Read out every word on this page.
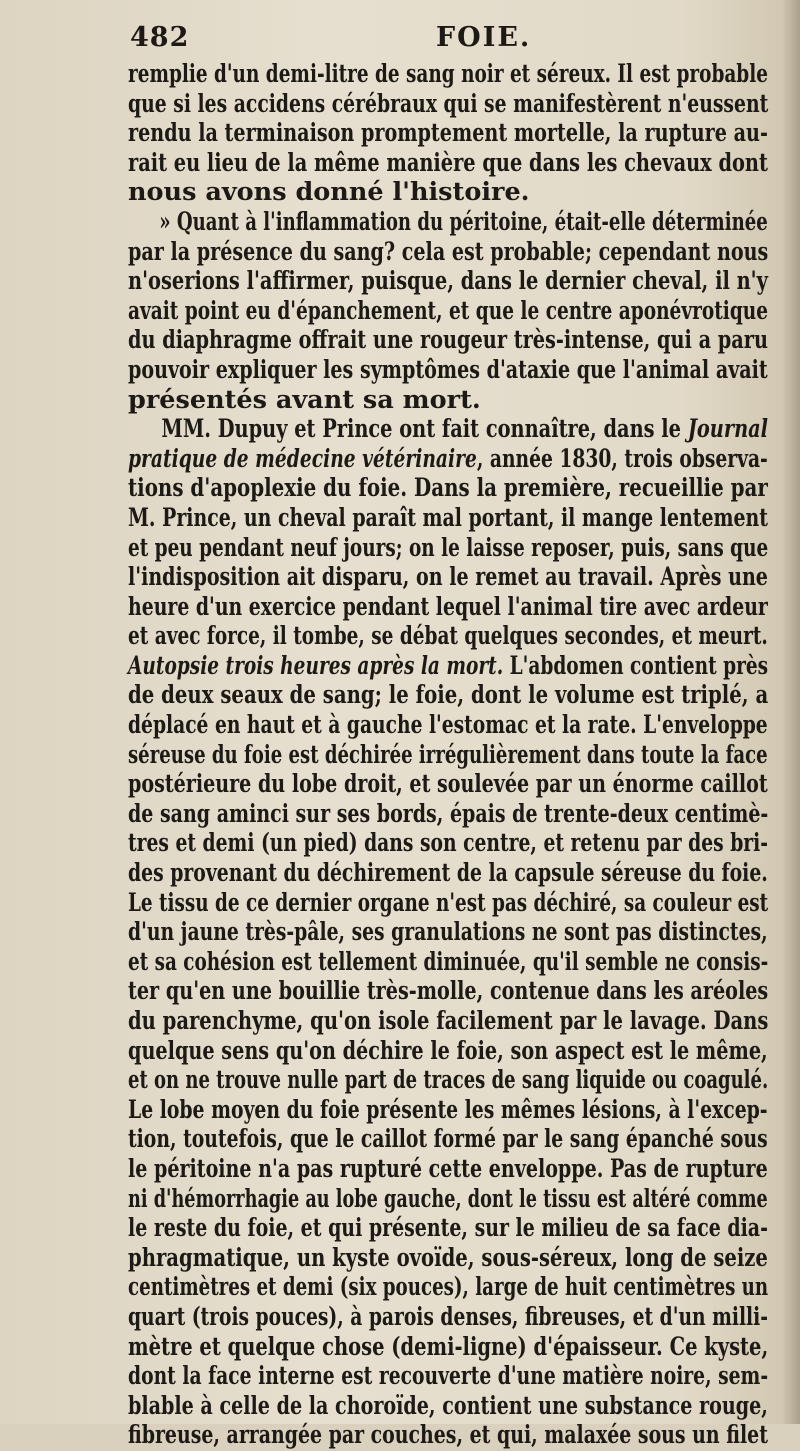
482	FOIE.
remplie d'un demi-litre de sang noir et séreux. Il est probable
que si les accidens cérébraux qui se manifestèrent n'eussent
rendu la terminaison promptement mortelle, la rupture au-
rait eu lieu de la même manière que dans les chevaux dont
nous avons donné l'histoire.
» Quant à l'inflammation du péritoine, était-elle déterminée
par la présence du sang? cela est probable; cependant nous
n'oserions l'affirmer, puisque, dans le dernier cheval, il n'y
avait point eu d'épanchement, et que le centre aponévrotique
du diaphragme offrait une rougeur très-intense, qui a paru
pouvoir expliquer les symptômes d'ataxie que l'animal avait
présentés avant sa mort.
MM. Dupuy et Prince ont fait connaître, dans le Journal
pratique de médecine vétérinaire, année 1830, trois observa-
tions d'apoplexie du foie. Dans la première, recueillie par
M. Prince, un cheval paraît mal portant, il mange lentement
et peu pendant neuf jours; on le laisse reposer, puis, sans que
l'indisposition ait disparu, on le remet au travail. Après une
heure d'un exercice pendant lequel l'animal tire avec ardeur
et avec force, il tombe, se débat quelques secondes, et meurt.
Autopsie trois heures après la mort. L'abdomen contient près
de deux seaux de sang; le foie, dont le volume est triplé, a
déplacé en haut et à gauche l'estomac et la rate. L'enveloppe
séreuse du foie est déchirée irrégulièrement dans toute la face
postérieure du lobe droit, et soulevée par un énorme caillot
de sang aminci sur ses bords, épais de trente-deux centimè-
tres et demi (un pied) dans son centre, et retenu par des bri-
des provenant du déchirement de la capsule séreuse du foie.
Le tissu de ce dernier organe n'est pas déchiré, sa couleur est
d'un jaune très-pâle, ses granulations ne sont pas distinctes,
et sa cohésion est tellement diminuée, qu'il semble ne consis-
ter qu'en une bouillie très-molle, contenue dans les aréoles
du parenchyme, qu'on isole facilement par le lavage. Dans
quelque sens qu'on déchire le foie, son aspect est le même,
et on ne trouve nulle part de traces de sang liquide ou coagulé.
Le lobe moyen du foie présente les mêmes lésions, à l'excep-
tion, toutefois, que le caillot formé par le sang épanché sous
le péritoine n'a pas rupturé cette enveloppe. Pas de rupture
ni d'hémorrhagie au lobe gauche, dont le tissu est altéré comme
le reste du foie, et qui présente, sur le milieu de sa face dia-
phragmatique, un kyste ovoïde, sous-séreux, long de seize
centimètres et demi (six pouces), large de huit centimètres un
quart (trois pouces), à parois denses, fibreuses, et d'un milli-
mètre et quelque chose (demi-ligne) d'épaisseur. Ce kyste,
dont la face interne est recouverte d'une matière noire, sem-
blable à celle de la choroïde, contient une substance rouge,
fibreuse, arrangée par couches, et qui, malaxée sous un filet
